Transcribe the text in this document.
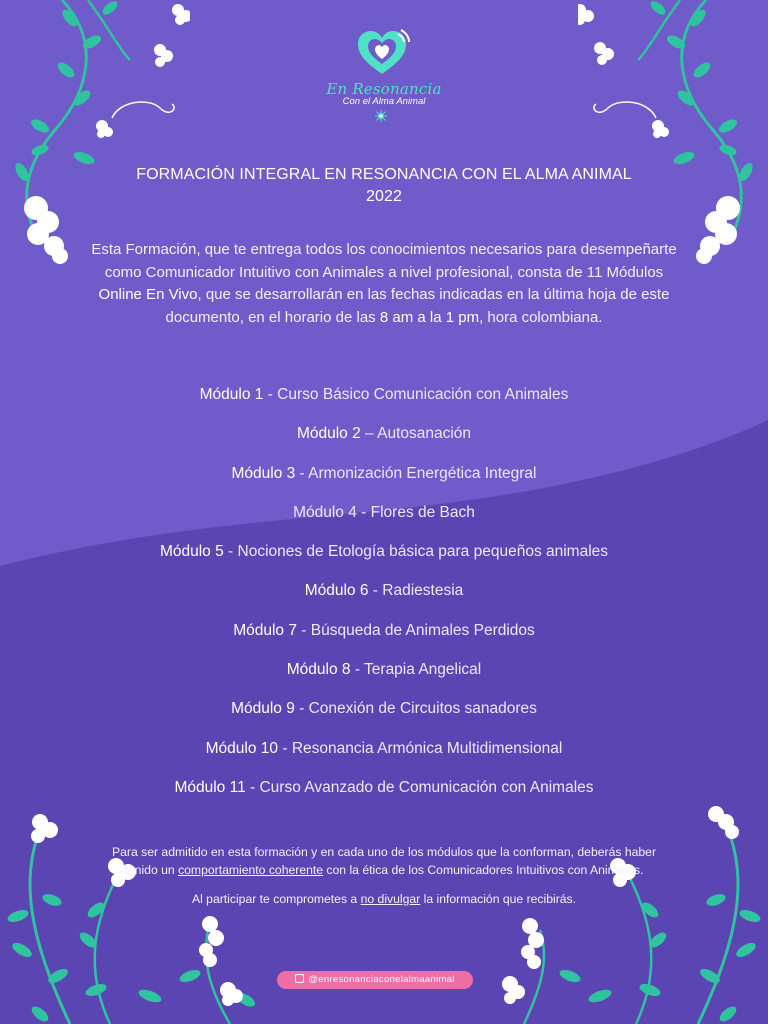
En Resonancia
Con el Alma Animal
FORMACIÓN INTEGRAL EN RESONANCIA CON EL ALMA ANIMAL
2022
Esta Formación, que te entrega todos los conocimientos necesarios para desempeñarte como Comunicador Intuitivo con Animales a nivel profesional, consta de 11 Módulos Online En Vivo, que se desarrollarán en las fechas indicadas en la última hoja de este documento, en el horario de las 8 am a la 1 pm, hora colombiana.
Módulo 1 - Curso Básico Comunicación con Animales
Módulo 2 – Autosanación
Módulo 3 - Armonización Energética Integral
Módulo 4 - Flores de Bach
Módulo 5 - Nociones de Etología básica para pequeños animales
Módulo 6 - Radiestesia
Módulo 7 - Búsqueda de Animales Perdidos
Módulo 8 - Terapia Angelical
Módulo 9 - Conexión de Circuitos sanadores
Módulo 10 - Resonancia Armónica Multidimensional
Módulo 11 - Curso Avanzado de Comunicación con Animales

Para ser admitido en esta formación y en cada uno de los módulos que la conforman, deberás haber tenido un comportamiento coherente con la ética de los Comunicadores Intuitivos con Animales.

Al participar te comprometes a no divulgar la información que recibirás.

@enresonanciaconelalmaanimal
